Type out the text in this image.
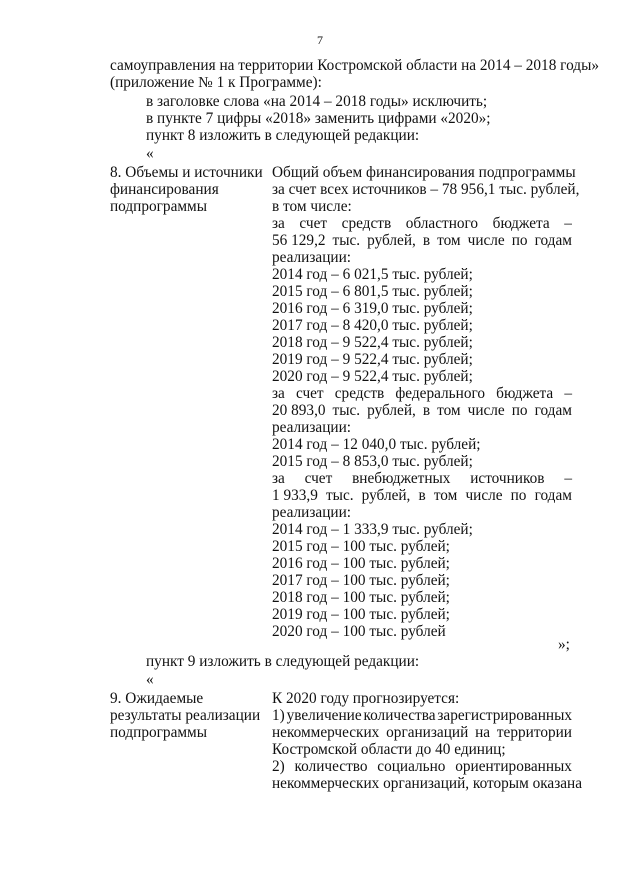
7
самоуправления на территории Костромской области на 2014 – 2018 годы»
(приложение № 1 к Программе):
в заголовке слова «на 2014 – 2018 годы» исключить;
в пункте 7 цифры «2018» заменить цифрами «2020»;
пункт 8 изложить в следующей редакции:
«
8. Объемы и источники
финансирования
подпрограммы
Общий объем финансирования подпрограммы
за счет всех источников – 78 956,1 тыс. рублей,
в том числе:
за счет средств областного бюджета –
56 129,2 тыс. рублей, в том числе по годам
реализации:
2014 год – 6 021,5 тыс. рублей;
2015 год – 6 801,5 тыс. рублей;
2016 год – 6 319,0 тыс. рублей;
2017 год – 8 420,0 тыс. рублей;
2018 год – 9 522,4 тыс. рублей;
2019 год – 9 522,4 тыс. рублей;
2020 год – 9 522,4 тыс. рублей;
за счет средств федерального бюджета –
20 893,0 тыс. рублей, в том числе по годам
реализации:
2014 год – 12 040,0 тыс. рублей;
2015 год – 8 853,0 тыс. рублей;
за счет внебюджетных источников –
1 933,9 тыс. рублей, в том числе по годам
реализации:
2014 год – 1 333,9 тыс. рублей;
2015 год – 100 тыс. рублей;
2016 год – 100 тыс. рублей;
2017 год – 100 тыс. рублей;
2018 год – 100 тыс. рублей;
2019 год – 100 тыс. рублей;
2020 год – 100 тыс. рублей
»;
пункт 9 изложить в следующей редакции:
«
9. Ожидаемые
результаты реализации
подпрограммы
К 2020 году прогнозируется:
1) увеличение количества зарегистрированных
некоммерческих организаций на территории
Костромской области до 40 единиц;
2) количество социально ориентированных
некоммерческих организаций, которым оказана
